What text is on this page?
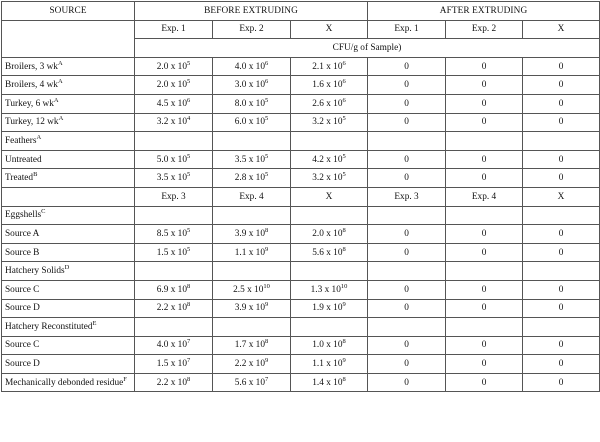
SOURCE	BEFORE EXTRUDING			AFTER EXTRUDING		
	Exp. 1	Exp. 2	X	Exp. 1	Exp. 2	X
	CFU/g of Sample)					
Broilers, 3 $wk^A$	2.0 x $10^5$	4.0 x $10^6$	2.1 x $10^6$	0	0	0
Broilers, 4 $wk^A$	2.0 x $10^5$	3.0 x $10^6$	1.6 x $10^6$	0	0	0
Turkey, 6 $wk^A$	4.5 x $10^6$	8.0 x $10^5$	2.6 x $10^6$	0	0	0
Turkey, 12 $wk^A$	3.2 x $10^4$	6.0 x $10^5$	3.2 x $10^5$	0	0	0
Feathers$^A$						
Untreated	5.0 x $10^5$	3.5 x $10^5$	4.2 x $10^5$	0	0	0
Treated$^B$	3.5 x $10^5$	2.8 x $10^5$	3.2 x $10^5$	0	0	0
	Exp. 3	Exp. 4	X	Exp. 3	Exp. 4	X
Eggshells$^C$						
Source A	8.5 x $10^5$	3.9 x $10^8$	2.0 x $10^8$	0	0	0
Source B	1.5 x $10^5$	1.1 x $10^9$	5.6 x $10^8$	0	0	0
Hatchery Solids$^D$						
Source C	6.9 x $10^8$	2.5 x $10^{10}$	1.3 x $10^{10}$	0	0	0
Source D	2.2 x $10^8$	3.9 x $10^9$	1.9 x $10^9$	0	0	0
Hatchery Reconstituted$^E$						
Source C	4.0 x $10^7$	1.7 x $10^8$	1.0 x $10^8$	0	0	0
Source D	1.5 x $10^7$	2.2 x $10^9$	1.1 x $10^9$	0	0	0
Mechanically debonded residue$^F$	2.2 x $10^8$	5.6 x $10^7$	1.4 x $10^8$	0	0	0
